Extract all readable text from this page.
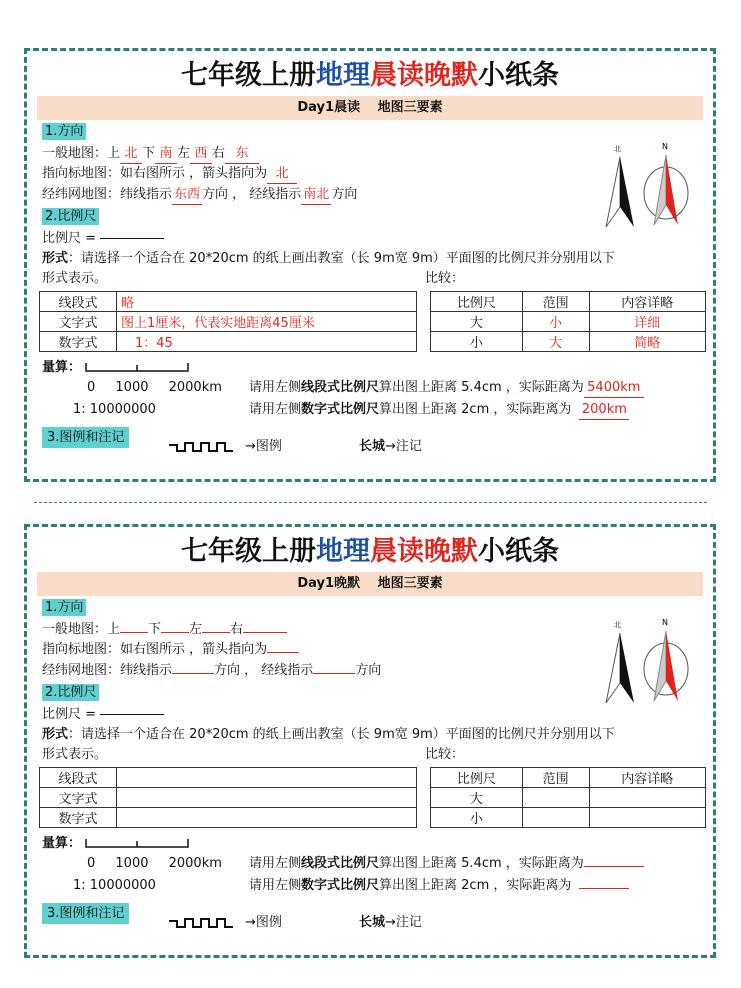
七年级上册地理晨读晚默小纸条
Day1晨读　 地图三要素
1.方向
一般地图：上 北 下 南 左 西 右 东
指向标地图：如右图所示 ，箭头指向为 北
经纬网地图：纬线指示 东西 方向 ， 经线指示 南北 方向
2.比例尺
比例尺 =
形式：请选择一个适合在 20*20cm 的纸上画出教室（长 9m宽 9m）平面图的比例尺并分别用以下
形式表示。	比较：
线段式	略
文字式	图上1厘米，代表实地距离45厘米
数字式	1：45
比例尺	范围	内容详略
大	小	详细
小	大	简略
量算：
0 1000 2000km 请用左侧线段式比例尺算出图上距离 5.4cm ，实际距离为 5400km
1: 10000000	请用左侧数字式比例尺算出图上距离 2cm ，实际距离为 200km
3.图例和注记
→图例	长城→注记
北	N
七年级上册地理晨读晚默小纸条
Day1晚默　 地图三要素
1.方向
一般地图：上 下 左 右
指向标地图：如右图所示 ，箭头指向为
经纬网地图：纬线指示	方向 ， 经线指示	方向
2.比例尺
比例尺 =
形式：请选择一个适合在 20*20cm 的纸上画出教室（长 9m宽 9m）平面图的比例尺并分别用以下
形式表示。	比较：
线段式	
文字式	
数字式	
比例尺	范围	内容详略
大		
小		
量算：
0 1000 2000km 请用左侧线段式比例尺算出图上距离 5.4cm ，实际距离为
1: 10000000	请用左侧数字式比例尺算出图上距离 2cm ，实际距离为
3.图例和注记
→图例	长城→注记
北	N
